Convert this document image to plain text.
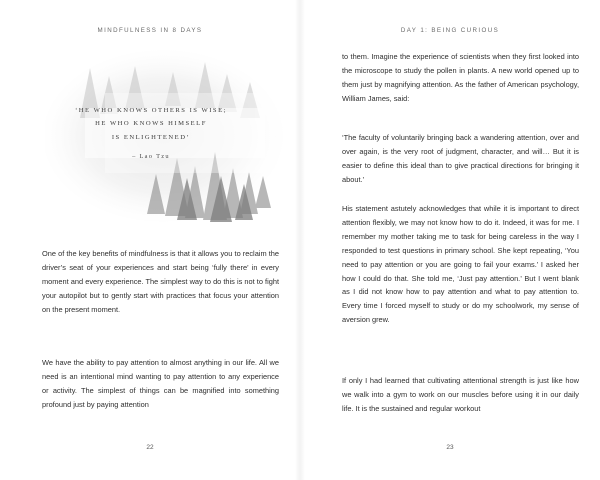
MINDFULNESS IN 8 DAYS
‘HE WHO KNOWS OTHERS IS WISE;
HE WHO KNOWS HIMSELF
IS ENLIGHTENED’
– Lao Tzu

One of the key benefits of mindfulness is that it allows you to reclaim the driver’s seat of your experiences and start being ‘fully there’ in every moment and every experience. The simplest way to do this is not to fight your autopilot but to gently start with practices that focus your attention on the present moment.

We have the ability to pay attention to almost anything in our life. All we need is an intentional mind wanting to pay attention to any experience or activity. The simplest of things can be magnified into something profound just by paying attention

22
DAY 1: BEING CURIOUS
23

to them. Imagine the experience of scientists when they first looked into the microscope to study the pollen in plants. A new world opened up to them just by magnifying attention. As the father of American psychology, William James, said:

‘The faculty of voluntarily bringing back a wandering attention, over and over again, is the very root of judgment, character, and will… But it is easier to define this ideal than to give practical directions for bringing it about.’

His statement astutely acknowledges that while it is important to direct attention flexibly, we may not know how to do it. Indeed, it was for me. I remember my mother taking me to task for being careless in the way I responded to test questions in primary school. She kept repeating, ‘You need to pay attention or you are going to fail your exams.’ I asked her how I could do that. She told me, ‘Just pay attention.’ But I went blank as I did not know how to pay attention and what to pay attention to. Every time I forced myself to study or do my schoolwork, my sense of aversion grew.

If only I had learned that cultivating attentional strength is just like how we walk into a gym to work on our muscles before using it in our daily life. It is the sustained and regular workout
